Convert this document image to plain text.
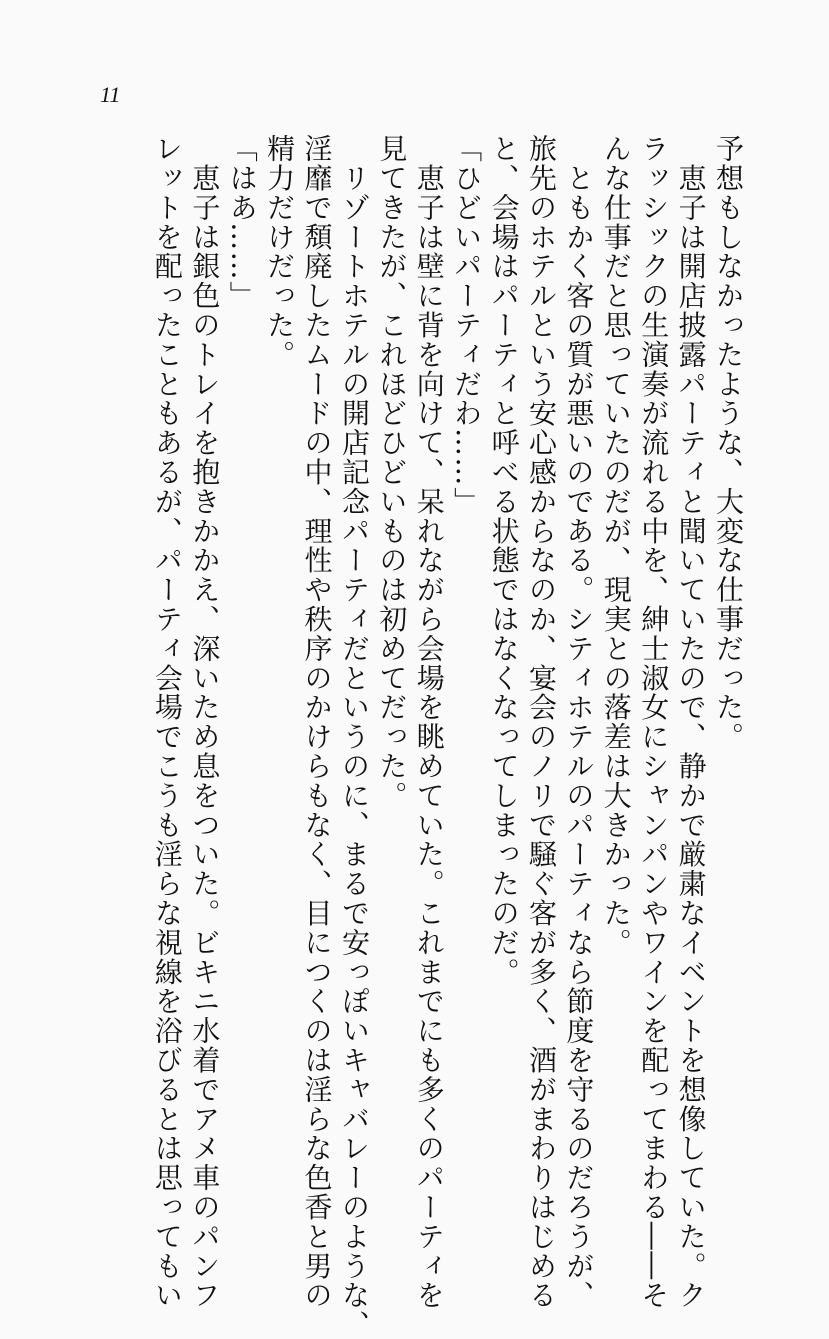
11
予想もしなかったような、大変な仕事だった。
　恵子は開店披露パーティと聞いていたので、静かで厳粛なイベントを想像していた。ク
ラッシックの生演奏が流れる中を、紳士淑女にシャンパンやワインを配ってまわる――そ
んな仕事だと思っていたのだが、現実との落差は大きかった。
　ともかく客の質が悪いのである。シティホテルのパーティなら節度を守るのだろうが、
旅先のホテルという安心感からなのか、宴会のノリで騒ぐ客が多く、酒がまわりはじめる
と、会場はパーティと呼べる状態ではなくなってしまったのだ。
「ひどいパーティだわ……」
　恵子は壁に背を向けて、呆れながら会場を眺めていた。これまでにも多くのパーティを
見てきたが、これほどひどいものは初めてだった。
　リゾートホテルの開店記念パーティだというのに、まるで安っぽいキャバレーのような、
淫靡で頽廃したムードの中、理性や秩序のかけらもなく、目につくのは淫らな色香と男の
精力だけだった。
「はあ……」
　恵子は銀色のトレイを抱きかかえ、深いため息をついた。ビキニ水着でアメ車のパンフ
レットを配ったこともあるが、パーティ会場でこうも淫らな視線を浴びるとは思ってもい
